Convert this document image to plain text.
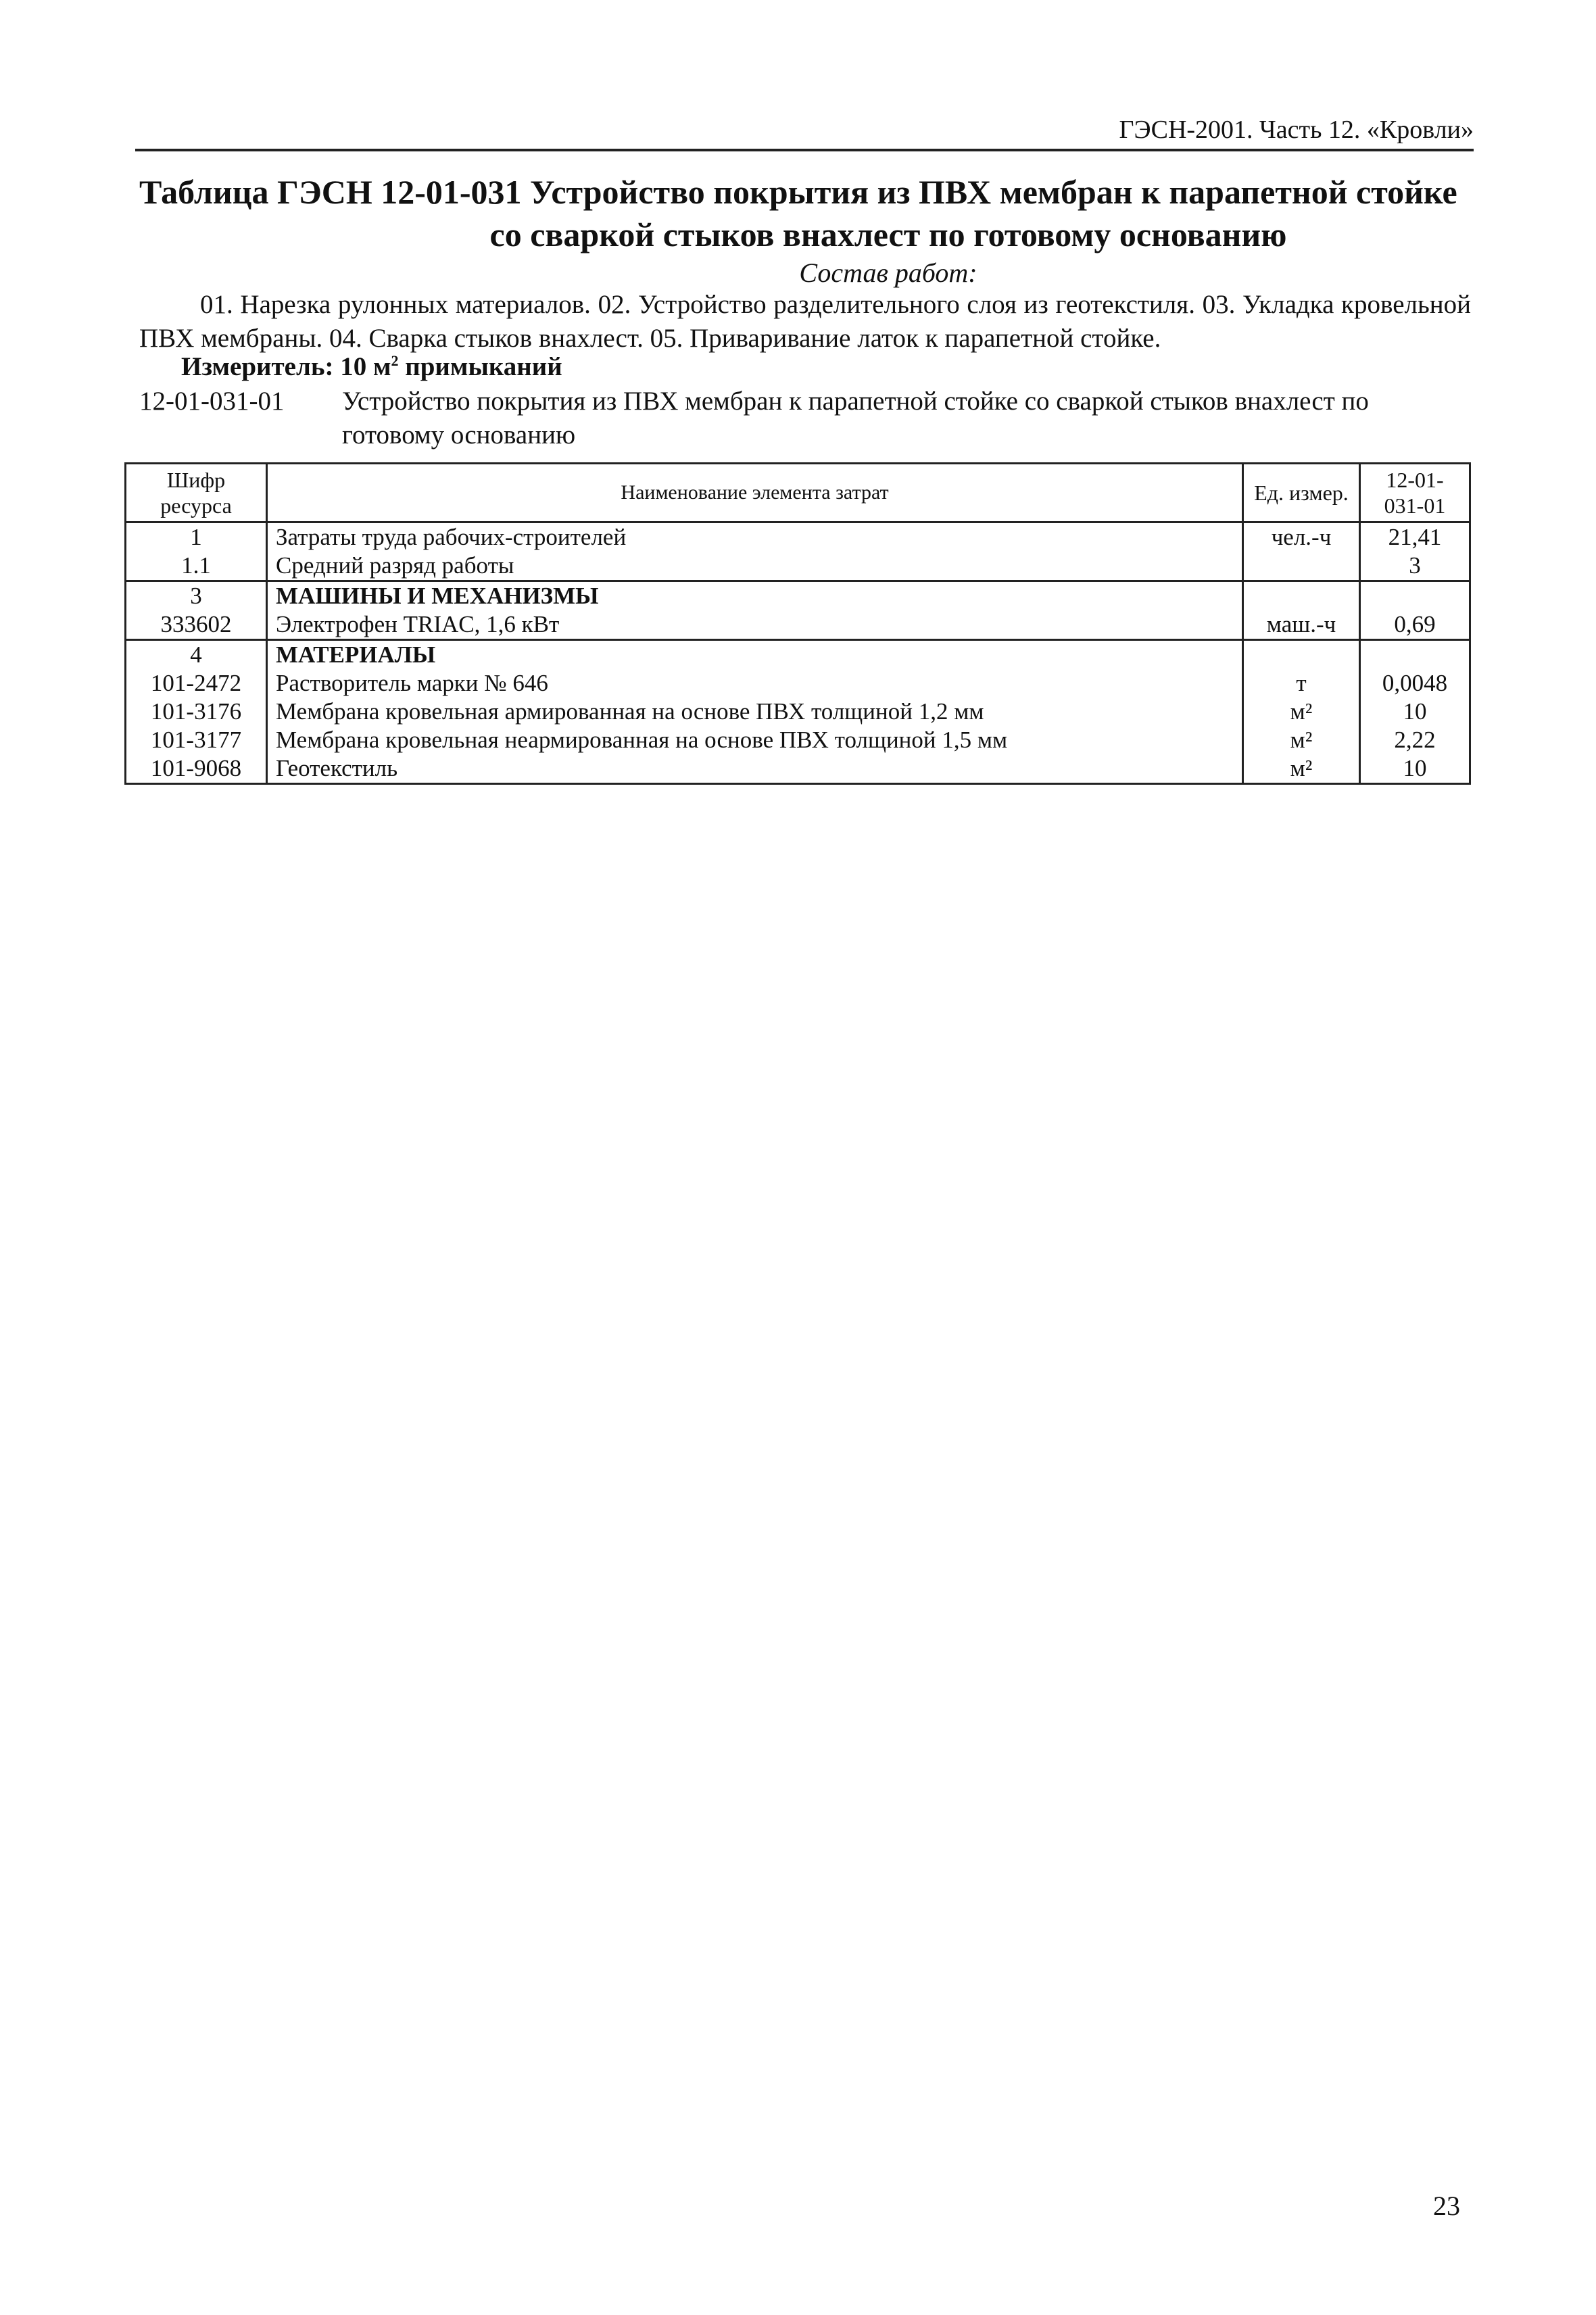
ГЭСН-2001. Часть 12. «Кровли»
Таблица ГЭСН 12-01-031 Устройство покрытия из ПВХ мембран к парапетной стойке
со сваркой стыков внахлест по готовому основанию
Состав работ:
01. Нарезка рулонных материалов. 02. Устройство разделительного слоя из геотекстиля. 03. Укладка кровельной ПВХ мембраны. 04. Сварка стыков внахлест. 05. Приваривание латок к парапетной стойке.
Измеритель: 10 $м^2$ примыканий
12-01-031-01 Устройство покрытия из ПВХ мембран к парапетной стойке со сваркой стыков внахлест по готовому основанию
Шифр ресурса	Наименование элемента затрат	Ед. измер.	12-01-031-01
1	Затраты труда рабочих-строителей	чел.-ч	21,41
1.1	Средний разряд работы		3
3	МАШИНЫ И МЕХАНИЗМЫ		
333602	Электрофен TRIAC, 1,6 кВт	маш.-ч	0,69
4	МАТЕРИАЛЫ		
101-2472	Растворитель марки № 646	т	0,0048
101-3176	Мембрана кровельная армированная на основе ПВХ толщиной 1,2 мм	м²	10
101-3177	Мембрана кровельная неармированная на основе ПВХ толщиной 1,5 мм	м²	2,22
101-9068	Геотекстиль	м²	10
23
